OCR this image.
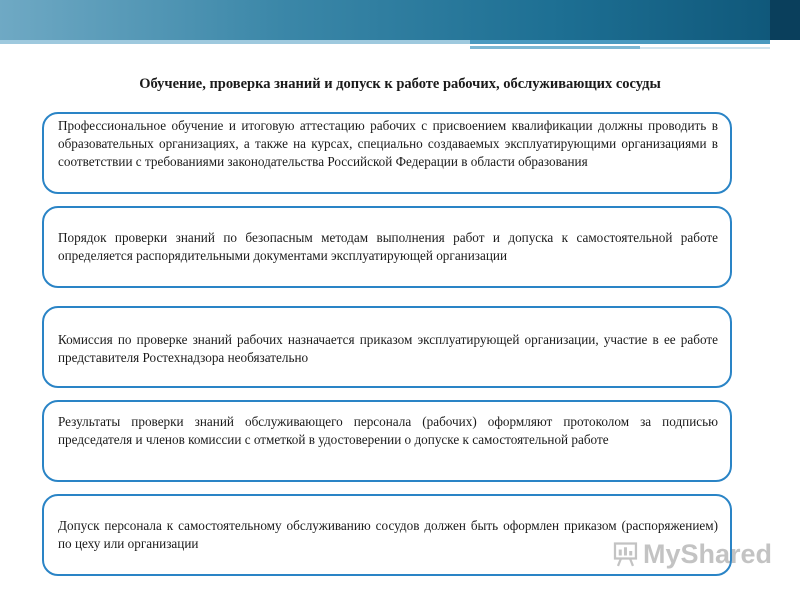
Обучение, проверка знаний и допуск к работе рабочих, обслуживающих сосуды
Профессиональное обучение и итоговую аттестацию рабочих с присвоением квалификации должны проводить в образовательных организациях, а также на курсах, специально создаваемых эксплуатирующими организациями в соответствии с требованиями законодательства Российской Федерации в области образования
Порядок проверки знаний по безопасным методам выполнения работ и допуска к самостоятельной работе определяется распорядительными документами эксплуатирующей организации
Комиссия по проверке знаний рабочих назначается приказом эксплуатирующей организации, участие в ее работе представителя Ростехнадзора необязательно
Результаты проверки знаний обслуживающего персонала (рабочих) оформляют протоколом за подписью председателя и членов комиссии с отметкой в удостоверении о допуске к самостоятельной работе
Допуск персонала к самостоятельному обслуживанию сосудов должен быть оформлен приказом (распоряжением) по цеху или организации	MyShared
